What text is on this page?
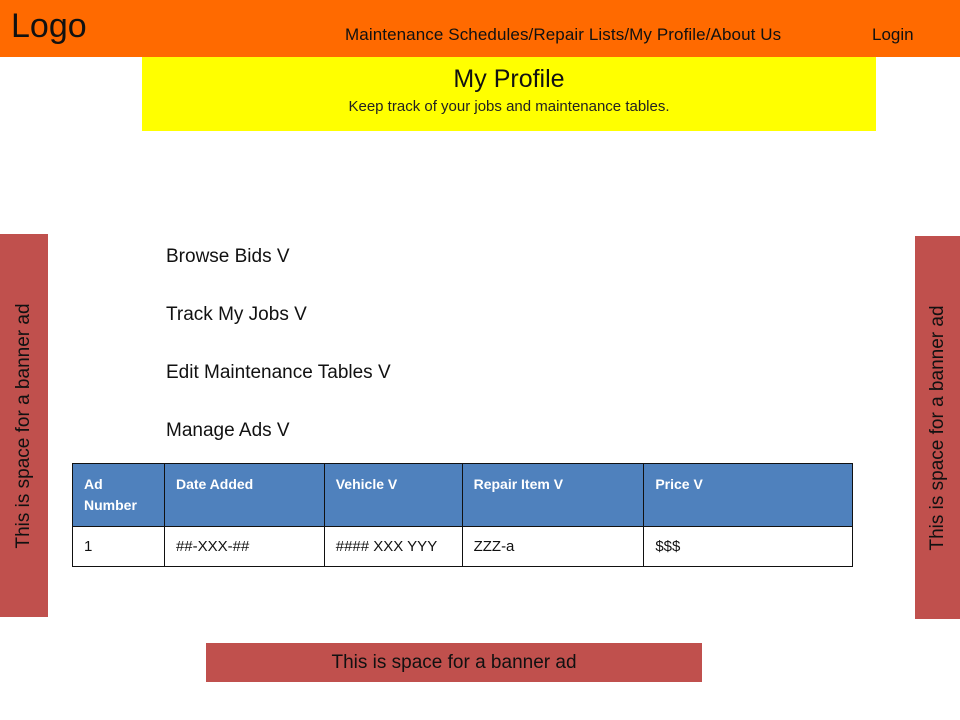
Logo	Maintenance Schedules/Repair Lists/My Profile/About Us	Login
My Profile
Keep track of your jobs and maintenance tables.
This is space for a banner ad	This is space for a banner ad
Browse Bids V
Track My Jobs V
Edit Maintenance Tables V
Manage Ads V
Ad Number	Date Added	Vehicle V	Repair Item V	Price V
1	##-XXX-##	#### XXX YYY	ZZZ-a	$$$
This is space for a banner ad
